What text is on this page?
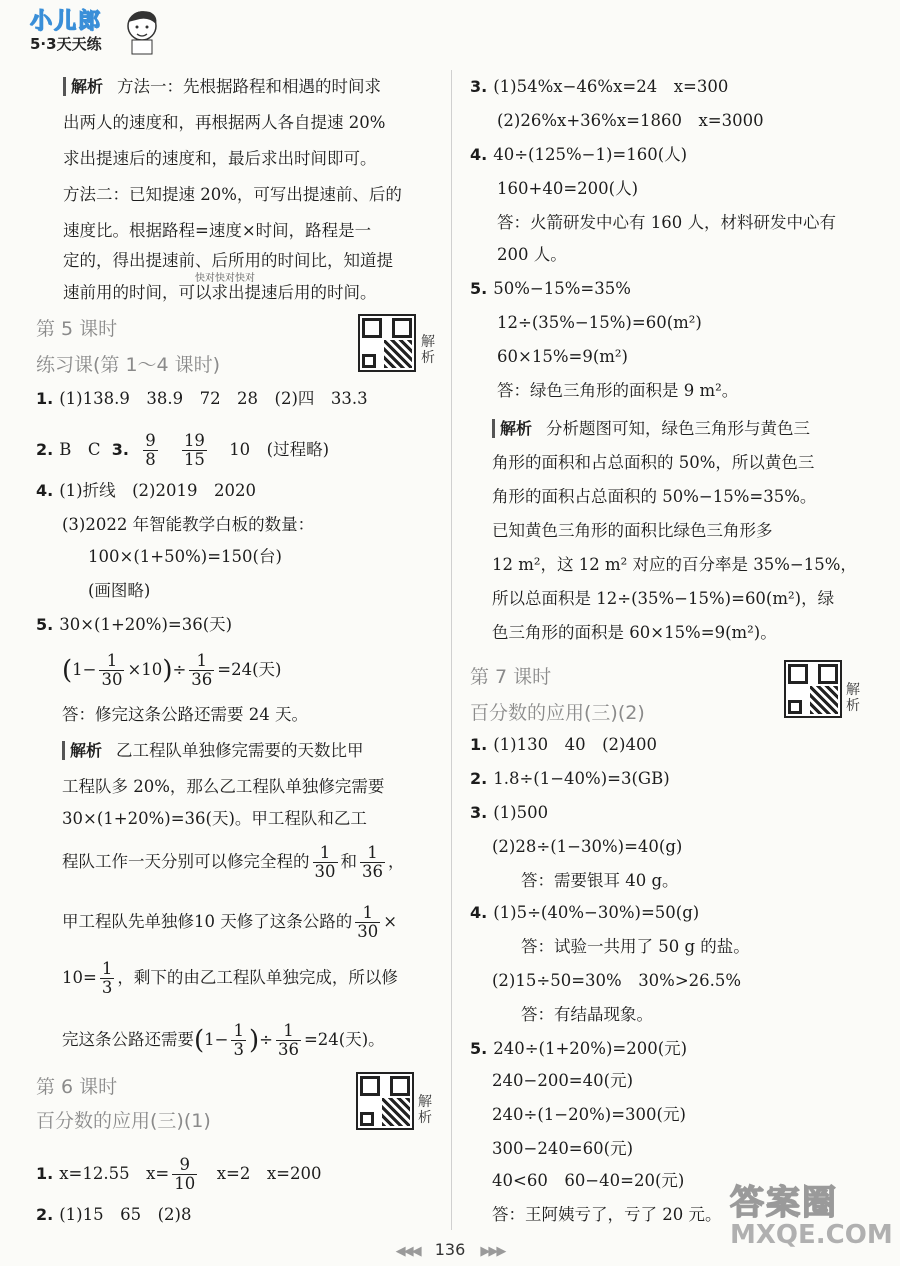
小儿郎
5·3天天练
解析 方法一：先根据路程和相遇的时间求
出两人的速度和，再根据两人各自提速 20%
求出提速后的速度和，最后求出时间即可。
方法二：已知提速 20%，可写出提速前、后的
速度比。根据路程=速度×时间，路程是一
定的，得出提速前、后所用的时间比，知道提
速前用的时间，可以求出提速后用的时间。
快对快对快对
第 5 课时
练习课(第 1～4 课时)
解析
1. (1)138.9　38.9　72　28　(2)四　33.3
2. B　C 3. $\frac{9}{8}$
$\frac{19}{15} 10$　(过程略)
4. (1)折线　(2)2019　2020
(3)2022 年智能教学白板的数量：
100×(1+50%)=150(台)
(画图略)
5. 30×(1+20%)=36(天)
$(1- \frac{1}{30} \times 10)\div \frac{1}{36} =24$(天)
答：修完这条公路还需要 24 天。
解析 乙工程队单独修完需要的天数比甲
工程队多 20%，那么乙工程队单独修完需要
30×(1+20%)=36(天)。甲工程队和乙工
程队工作一天分别可以修完全程的 $\frac{1}{30}$ 和 $\frac{1}{36}$ ，
甲工程队先单独修10 天修了这条公路的 $\frac{1}{30}$ ×
$10= \frac{1}{3}$ ，剩下的由乙工程队单独完成，所以修
完这条公路还需要($1- \frac{1}{3}$ )÷ $\frac{1}{36} =24$(天)。
第 6 课时
百分数的应用(三)(1)
解析
1. x=12.55　$x= \frac{9}{10}$ 　x=2　x=200
2. (1)15　65　(2)8
3. (1)54%x−46%x=24　x=300
(2)26%x+36%x=1860　x=3000
4. 40÷(125%−1)=160(人)
160+40=200(人)
答：火箭研发中心有 160 人，材料研发中心有
200 人。
5. 50%−15%=35%
12÷(35%−15%)=60(m²)
60×15%=9(m²)
答：绿色三角形的面积是 9 m²。
解析 分析题图可知，绿色三角形与黄色三
角形的面积和占总面积的 50%，所以黄色三
角形的面积占总面积的 50%−15%=35%。
已知黄色三角形的面积比绿色三角形多
12 m²，这 12 m² 对应的百分率是 35%−15%，
所以总面积是 12÷(35%−15%)=60(m²)，绿
色三角形的面积是 60×15%=9(m²)。
第 7 课时
百分数的应用(三)(2)
解析
1. (1)130　40　(2)400
2. 1.8÷(1−40%)=3(GB)
3. (1)500
(2)28÷(1−30%)=40(g)
答：需要银耳 40 g。
4. (1)5÷(40%−30%)=50(g)
答：试验一共用了 50 g 的盐。
(2)15÷50=30%　30%>26.5%
答：有结晶现象。
5. 240÷(1+20%)=200(元)
240−200=40(元)
240÷(1−20%)=300(元)
300−240=60(元)
40<60　60−40=20(元)
答：王阿姨亏了，亏了 20 元。 答案圈
MXQE.COM
◀◀◀ 136 ▶▶▶
